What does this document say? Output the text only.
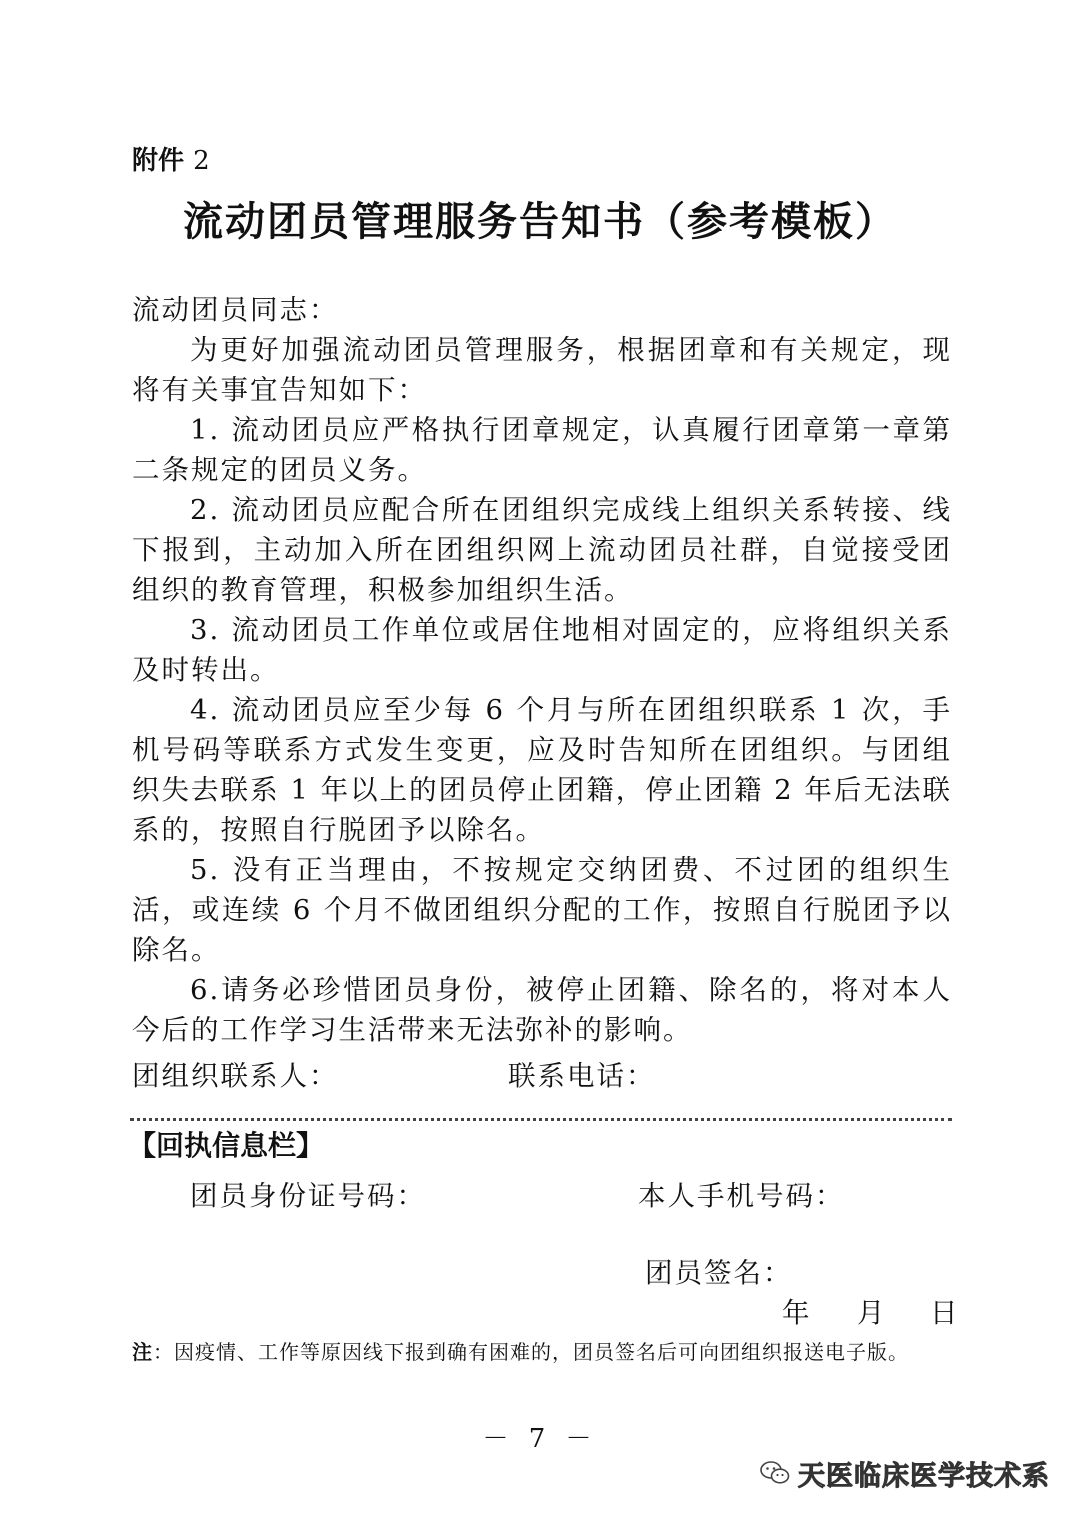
附件 2
流动团员管理服务告知书（参考模板）

流动团员同志：

为更好加强流动团员管理服务，根据团章和有关规定，现将有关事宜告知如下：

1. 流动团员应严格执行团章规定，认真履行团章第一章第二条规定的团员义务。

2. 流动团员应配合所在团组织完成线上组织关系转接、线下报到，主动加入所在团组织网上流动团员社群，自觉接受团组织的教育管理，积极参加组织生活。

3. 流动团员工作单位或居住地相对固定的，应将组织关系及时转出。

4. 流动团员应至少每 6 个月与所在团组织联系 1 次，手机号码等联系方式发生变更，应及时告知所在团组织。与团组织失去联系 1 年以上的团员停止团籍，停止团籍 2 年后无法联系的，按照自行脱团予以除名。

5. 没有正当理由，不按规定交纳团费、不过团的组织生活，或连续 6 个月不做团组织分配的工作，按照自行脱团予以除名。

6.请务必珍惜团员身份，被停止团籍、除名的，将对本人今后的工作学习生活带来无法弥补的影响。

团组织联系人：	联系电话：
【回执信息栏】
团员身份证号码：	本人手机号码：
团员签名：
年 月 日
注：因疫情、工作等原因线下报到确有困难的，团员签名后可向团组织报送电子版。
－ 7 －
天医临床医学技术系
